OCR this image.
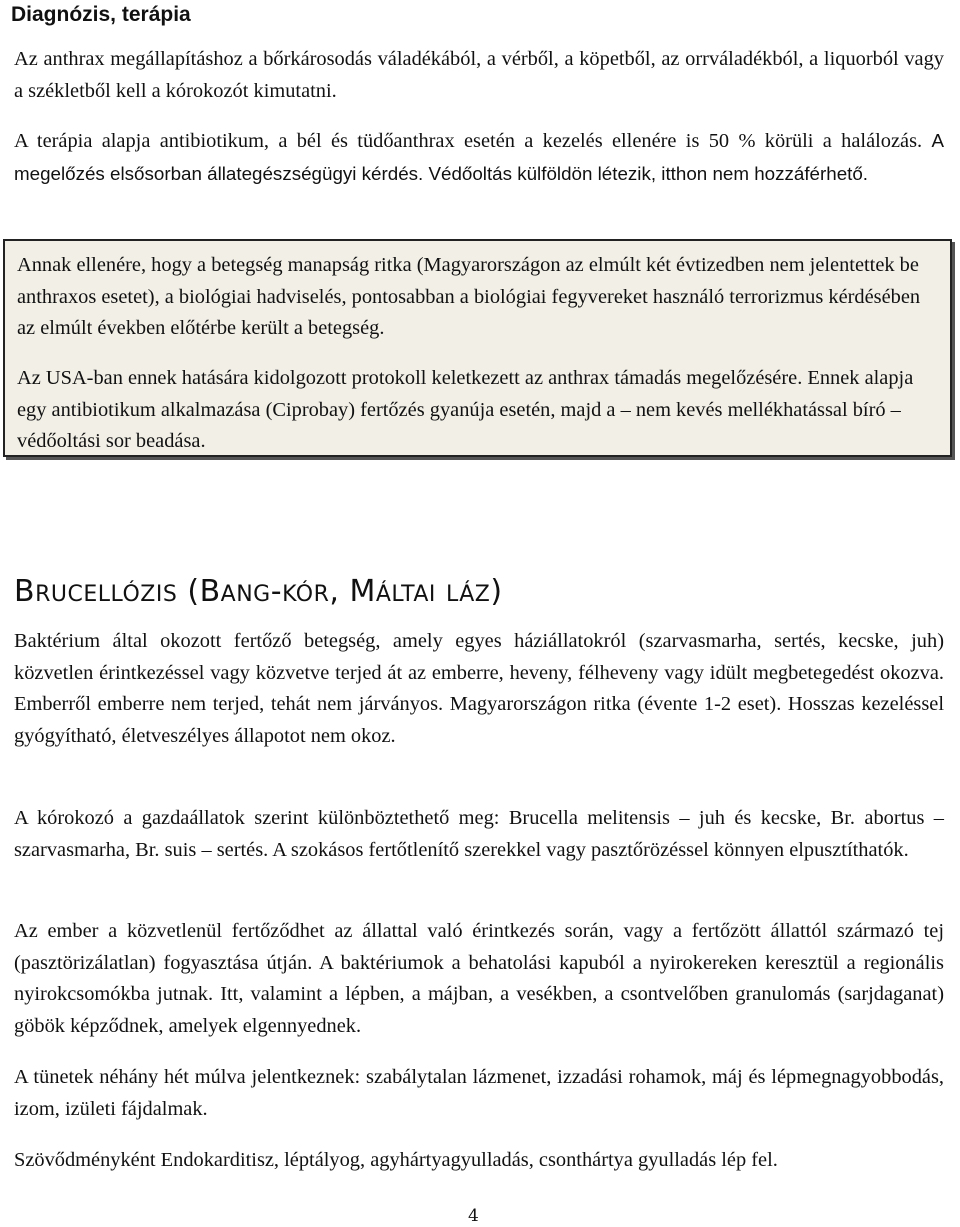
Diagnózis, terápia

Az anthrax megállapításhoz a bőrkárosodás váladékából, a vérből, a köpetből, az orrváladékból, a liquorból vagy a székletből kell a kórokozót kimutatni.

A terápia alapja antibiotikum, a bél és tüdőanthrax esetén a kezelés ellenére is 50 % körüli a halálozás. A megelőzés elsősorban állategészségügyi kérdés. Védőoltás külföldön létezik, itthon nem hozzáférhető.

Annak ellenére, hogy a betegség manapság ritka (Magyarországon az elmúlt két évtizedben nem jelentettek be anthraxos esetet), a biológiai hadviselés, pontosabban a biológiai fegyvereket használó terrorizmus kérdésében az elmúlt években előtérbe került a betegség.

Az USA-ban ennek hatására kidolgozott protokoll keletkezett az anthrax támadás megelőzésére. Ennek alapja egy antibiotikum alkalmazása (Ciprobay) fertőzés gyanúja esetén, majd a – nem kevés mellékhatással bíró – védőoltási sor beadása.

BRUCELLÓZIS (BANG-KÓR, MÁLTAI LÁZ)

Baktérium által okozott fertőző betegség, amely egyes háziállatokról (szarvasmarha, sertés, kecske, juh) közvetlen érintkezéssel vagy közvetve terjed át az emberre, heveny, félheveny vagy idült megbetegedést okozva. Emberről emberre nem terjed, tehát nem járványos. Magyarországon ritka (évente 1-2 eset). Hosszas kezeléssel gyógyítható, életveszélyes állapotot nem okoz.

A kórokozó a gazdaállatok szerint különböztethető meg: Brucella melitensis – juh és kecske, Br. abortus – szarvasmarha, Br. suis – sertés. A szokásos fertőtlenítő szerekkel vagy pasztőrözéssel könnyen elpusztíthatók.

Az ember a közvetlenül fertőződhet az állattal való érintkezés során, vagy a fertőzött állattól származó tej (pasztörizálatlan) fogyasztása útján. A baktériumok a behatolási kapuból a nyirokereken keresztül a regionális nyirokcsomókba jutnak. Itt, valamint a lépben, a májban, a vesékben, a csontvelőben granulomás (sarjdaganat) göbök képződnek, amelyek elgennyednek.

A tünetek néhány hét múlva jelentkeznek: szabálytalan lázmenet, izzadási rohamok, máj és lépmegnagyobbodás, izom, izületi fájdalmak.

Szövődményként Endokarditisz, léptályog, agyhártyagyulladás, csonthártya gyulladás lép fel.

4
